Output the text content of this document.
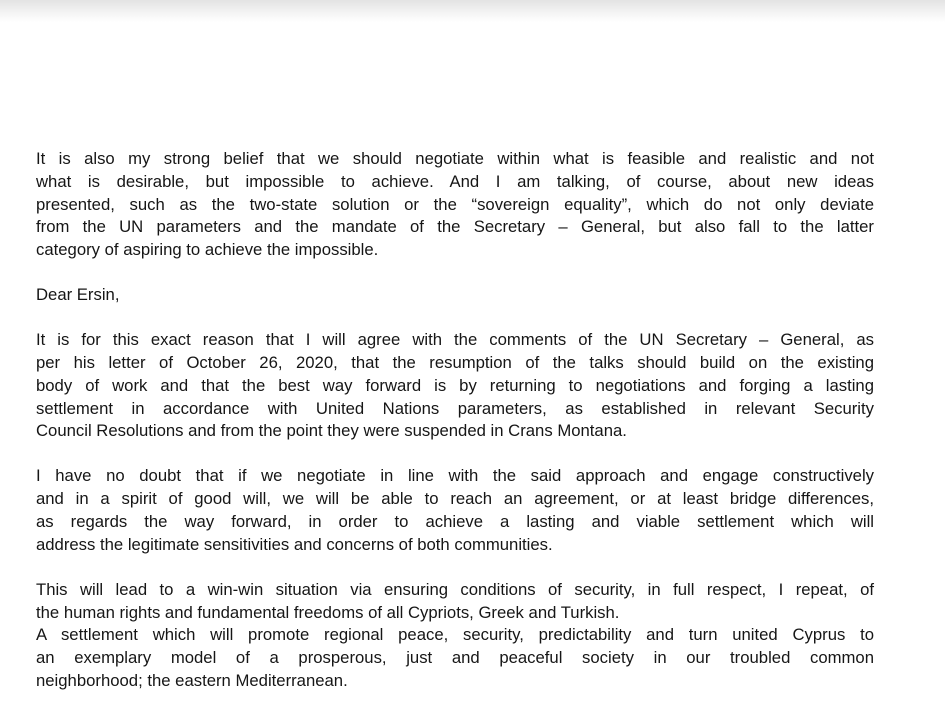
It is also my strong belief that we should negotiate within what is feasible and realistic and not
what is desirable, but impossible to achieve. And I am talking, of course, about new ideas
presented, such as the two-state solution or the “sovereign equality”, which do not only deviate
from the UN parameters and the mandate of the Secretary – General, but also fall to the latter
category of aspiring to achieve the impossible.

Dear Ersin,

It is for this exact reason that I will agree with the comments of the UN Secretary – General, as
per his letter of October 26, 2020, that the resumption of the talks should build on the existing
body of work and that the best way forward is by returning to negotiations and forging a lasting
settlement in accordance with United Nations parameters, as established in relevant Security
Council Resolutions and from the point they were suspended in Crans Montana.

I have no doubt that if we negotiate in line with the said approach and engage constructively
and in a spirit of good will, we will be able to reach an agreement, or at least bridge differences,
as regards the way forward, in order to achieve a lasting and viable settlement which will
address the legitimate sensitivities and concerns of both communities.

This will lead to a win-win situation via ensuring conditions of security, in full respect, I repeat, of
the human rights and fundamental freedoms of all Cypriots, Greek and Turkish.

A settlement which will promote regional peace, security, predictability and turn united Cyprus to
an exemplary model of a prosperous, just and peaceful society in our troubled common
neighborhood; the eastern Mediterranean.
